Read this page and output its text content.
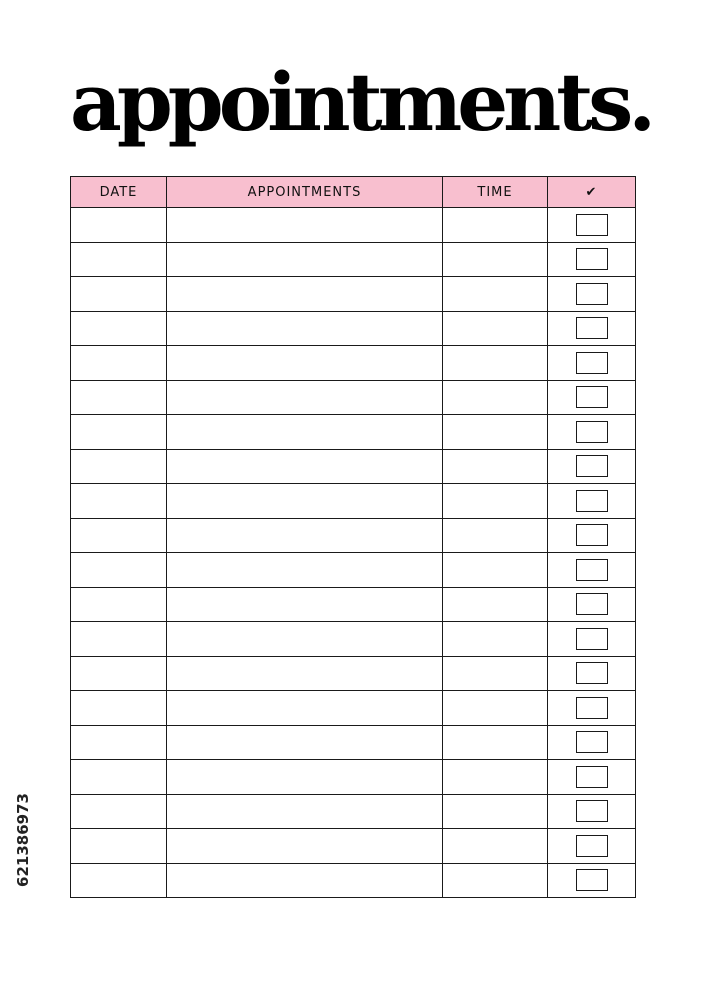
appointments.
DATE	APPOINTMENTS	TIME	✔

621386973
